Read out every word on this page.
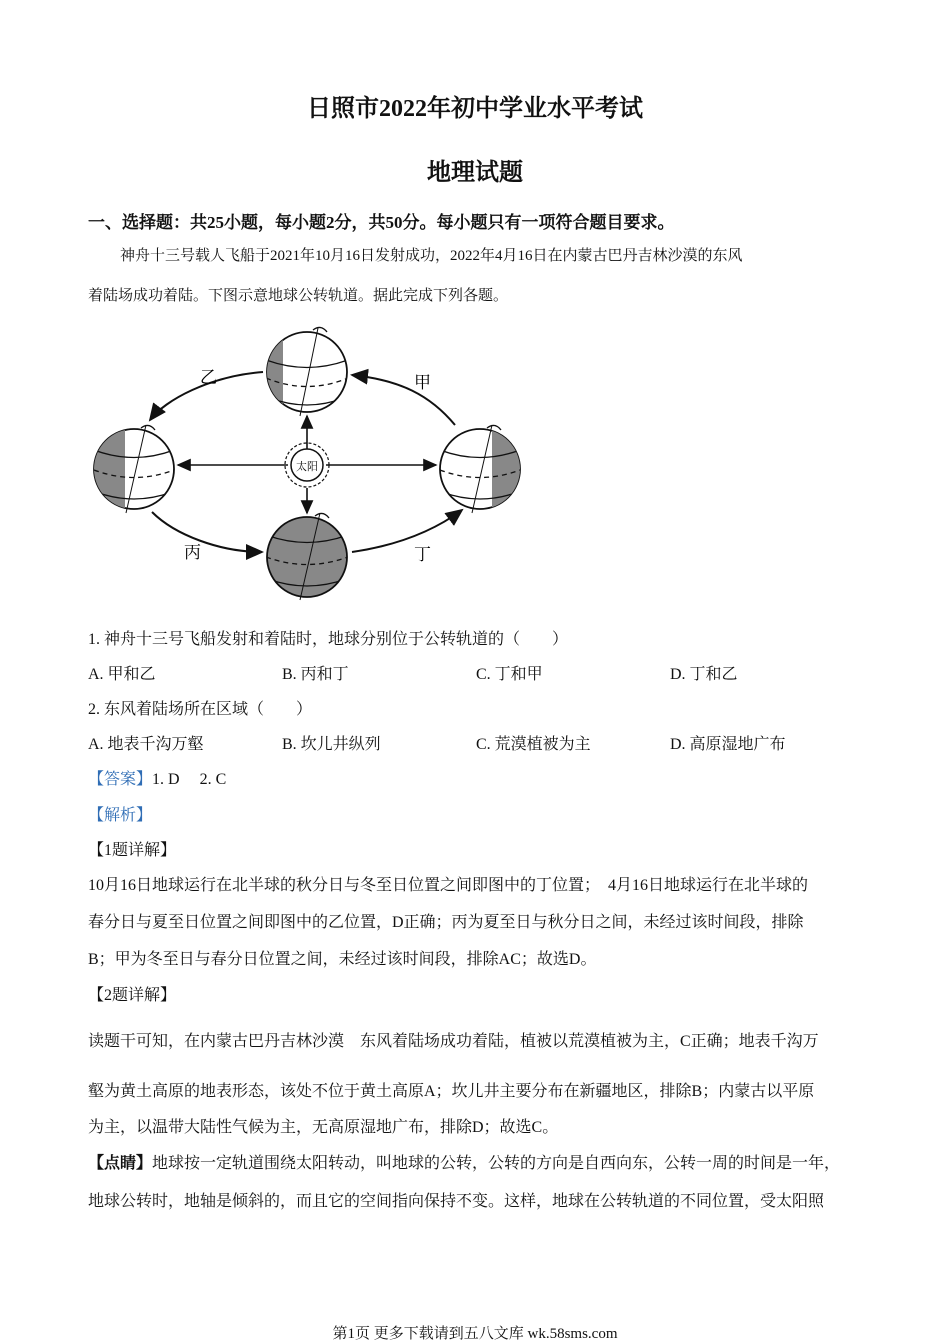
日照市2022年初中学业水平考试
地理试题
一、选择题：共25小题，每小题2分，共50分。每小题只有一项符合题目要求。
神舟十三号载人飞船于2021年10月16日发射成功，2022年4月16日在内蒙古巴丹吉林沙漠的东风
着陆场成功着陆。下图示意地球公转轨道。据此完成下列各题。
太阳
乙	甲
丙	丁
1. 神舟十三号飞船发射和着陆时，地球分别位于公转轨道的（　　）
A. 甲和乙	B. 丙和丁	C. 丁和甲	D. 丁和乙
2. 东风着陆场所在区域（　　）
A. 地表千沟万壑	B. 坎儿井纵列	C. 荒漠植被为主	D. 高原湿地广布
【答案】1. D　 2. C
【解析】
【1题详解】
10月16日地球运行在北半球的秋分日与冬至日位置之间即图中的丁位置；　4月16日地球运行在北半球的
春分日与夏至日位置之间即图中的乙位置，D正确；丙为夏至日与秋分日之间，未经过该时间段，排除
B；甲为冬至日与春分日位置之间，未经过该时间段，排除AC；故选D。
【2题详解】
读题干可知，在内蒙古巴丹吉林沙漠　东风着陆场成功着陆，植被以荒漠植被为主，C正确；地表千沟万
壑为黄土高原的地表形态，该处不位于黄土高原A；坎儿井主要分布在新疆地区，排除B；内蒙古以平原
为主，以温带大陆性气候为主，无高原湿地广布，排除D；故选C。
【点睛】地球按一定轨道围绕太阳转动，叫地球的公转，公转的方向是自西向东，公转一周的时间是一年，
地球公转时，地轴是倾斜的，而且它的空间指向保持不变。这样，地球在公转轨道的不同位置，受太阳照
第1页 更多下载请到五八文库 wk.58sms.com
